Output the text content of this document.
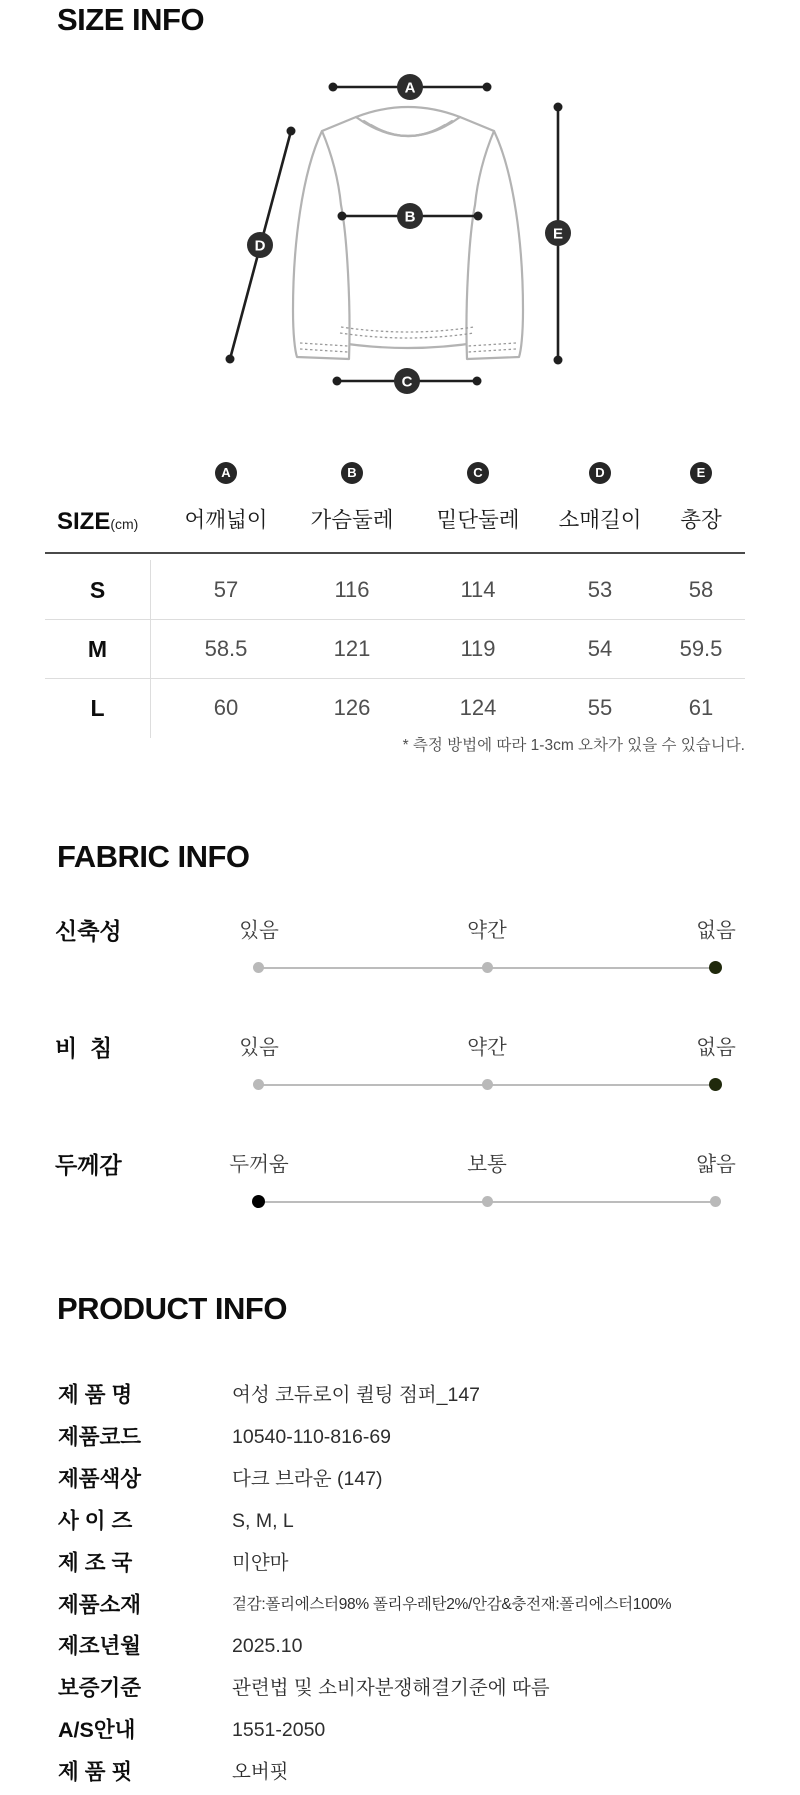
SIZE INFO
A
B
C
D
E
A	B	C	D	E
SIZE(cm)	어깨넓이	가슴둘레	밑단둘레	소매길이	총장
S	57	116	114	53	58
M	58.5	121	119	54	59.5
L	60	126	124	55	61
* 측정 방법에 따라 1-3cm 오차가 있을 수 있습니다.
FABRIC INFO
신축성	있음	약간	없음
비  침	있음	약간	없음
두께감	두꺼움	보통	얇음
PRODUCT INFO
제 품 명	여성 코듀로이 퀼팅 점퍼_147
제품코드	10540-110-816-69
제품색상	다크 브라운 (147)
사 이 즈	S, M, L
제 조 국	미얀마
제품소재	겉감:폴리에스터98% 폴리우레탄2%/안감&충전재:폴리에스터100%
제조년월	2025.10
보증기준	관련법 및 소비자분쟁해결기준에 따름
A/S안내	1551-2050
제 품 핏	오버핏
